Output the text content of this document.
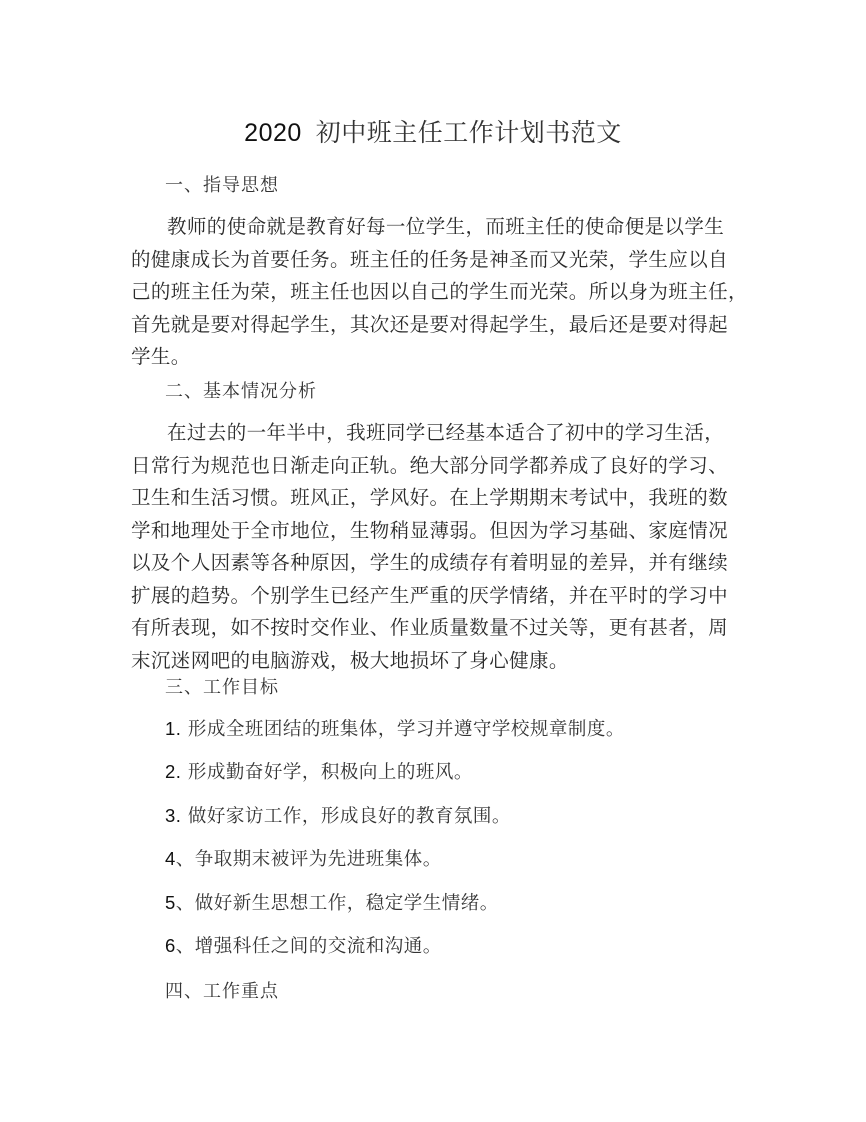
2020 初中班主任工作计划书范文
一、指导思想
教师的使命就是教育好每一位学生，而班主任的使命便是以学生
的健康成长为首要任务。班主任的任务是神圣而又光荣，学生应以自
己的班主任为荣，班主任也因以自己的学生而光荣。所以身为班主任，
首先就是要对得起学生，其次还是要对得起学生，最后还是要对得起
学生。
二、基本情况分析
在过去的一年半中，我班同学已经基本适合了初中的学习生活，
日常行为规范也日渐走向正轨。绝大部分同学都养成了良好的学习、
卫生和生活习惯。班风正，学风好。在上学期期末考试中，我班的数
学和地理处于全市地位，生物稍显薄弱。但因为学习基础、家庭情况
以及个人因素等各种原因，学生的成绩存有着明显的差异，并有继续
扩展的趋势。个别学生已经产生严重的厌学情绪，并在平时的学习中
有所表现，如不按时交作业、作业质量数量不过关等，更有甚者，周
末沉迷网吧的电脑游戏，极大地损坏了身心健康。
三、工作目标
1. 形成全班团结的班集体，学习并遵守学校规章制度。
2. 形成勤奋好学，积极向上的班风。
3. 做好家访工作，形成良好的教育氛围。
4、争取期末被评为先进班集体。
5、做好新生思想工作，稳定学生情绪。
6、增强科任之间的交流和沟通。
四、工作重点
